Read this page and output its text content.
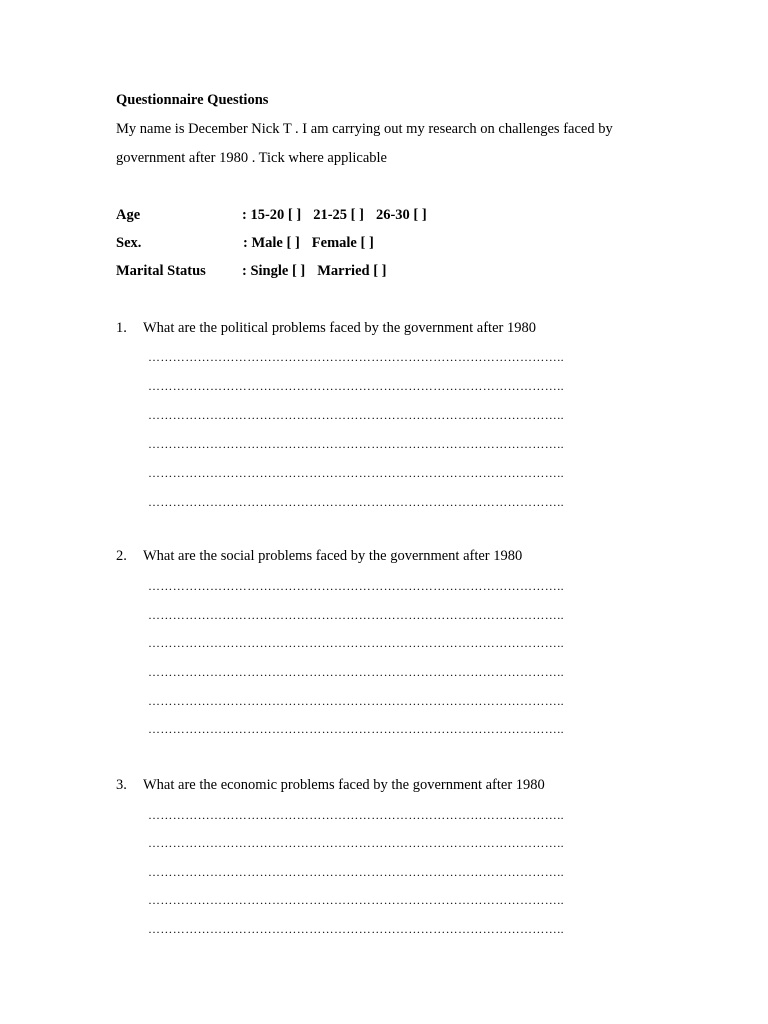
Questionnaire Questions
My name is December Nick T . I am carrying out my research on challenges faced by
government after 1980 . Tick where applicable
Age	: 15-20 [ ] 21-25 [ ] 26-30 [ ]
Sex.	: Male [ ] Female [ ]
Marital Status : Single [ ] Married [ ]
1. What are the political problems faced by the government after 1980
………………………………………………………………………………………..
………………………………………………………………………………………..
………………………………………………………………………………………..
………………………………………………………………………………………..
………………………………………………………………………………………..
………………………………………………………………………………………..
2. What are the social problems faced by the government after 1980
………………………………………………………………………………………..
………………………………………………………………………………………..
………………………………………………………………………………………..
………………………………………………………………………………………..
………………………………………………………………………………………..
………………………………………………………………………………………..
3. What are the economic problems faced by the government after 1980
………………………………………………………………………………………..
………………………………………………………………………………………..
………………………………………………………………………………………..
………………………………………………………………………………………..
………………………………………………………………………………………..
